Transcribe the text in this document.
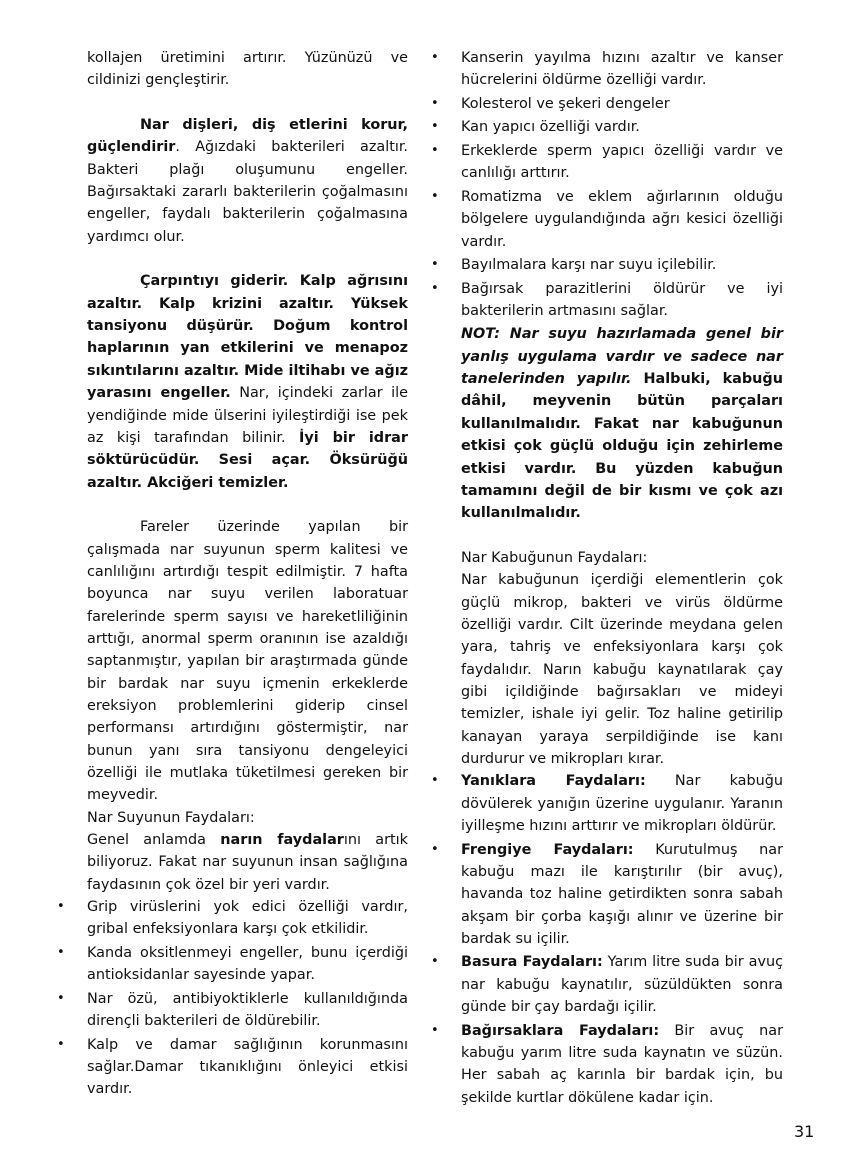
kollajen üretimini artırır. Yüzünüzü ve cildinizi gençleştirir.

Nar dişleri, diş etlerini korur, güçlendirir. Ağızdaki bakterileri azaltır. Bakteri plağı oluşumunu engeller. Bağırsaktaki zararlı bakterilerin çoğalmasını engeller, faydalı bakterilerin çoğalmasına yardımcı olur.

Çarpıntıyı giderir. Kalp ağrısını azaltır. Kalp krizini azaltır. Yüksek tansiyonu düşürür. Doğum kontrol haplarının yan etkilerini ve menapoz sıkıntılarını azaltır. Mide iltihabı ve ağız yarasını engeller. Nar, içindeki zarlar ile yendiğinde mide ülserini iyileştirdiği ise pek az kişi tarafından bilinir. İyi bir idrar söktürücüdür. Sesi açar. Öksürüğü azaltır. Akciğeri temizler.

Fareler üzerinde yapılan bir çalışmada nar suyunun sperm kalitesi ve canlılığını artırdığı tespit edilmiştir. 7 hafta boyunca nar suyu verilen laboratuar farelerinde sperm sayısı ve hareketliliğinin arttığı, anormal sperm oranının ise azaldığı saptanmıştır, yapılan bir araştırmada günde bir bardak nar suyu içmenin erkeklerde ereksiyon problemlerini giderip cinsel performansı artırdığını göstermiştir, nar bunun yanı sıra tansiyonu dengeleyici özelliği ile mutlaka tüketilmesi gereken bir meyvedir.

Nar Suyunun Faydaları:

Genel anlamda narın faydalarını artık biliyoruz. Fakat nar suyunun insan sağlığına faydasının çok özel bir yeri vardır.

• Grip virüslerini yok edici özelliği vardır, gribal enfeksiyonlara karşı çok etkilidir.
• Kanda oksitlenmeyi engeller, bunu içerdiği antioksidanlar sayesinde yapar.
• Nar özü, antibiyoktiklerle kullanıldığında dirençli bakterileri de öldürebilir.
• Kalp ve damar sağlığının korunmasını sağlar.Damar tıkanıklığını önleyici etkisi vardır.
• Kanserin yayılma hızını azaltır ve kanser hücrelerini öldürme özelliği vardır.
• Kolesterol ve şekeri dengeler
• Kan yapıcı özelliği vardır.
• Erkeklerde sperm yapıcı özelliği vardır ve canlılığı arttırır.
• Romatizma ve eklem ağırlarının olduğu bölgelere uygulandığında ağrı kesici özelliği vardır.
• Bayılmalara karşı nar suyu içilebilir.
• Bağırsak parazitlerini öldürür ve iyi bakterilerin artmasını sağlar.

NOT: Nar suyu hazırlamada genel bir yanlış uygulama vardır ve sadece nar tanelerinden yapılır. Halbuki, kabuğu dâhil, meyvenin bütün parçaları kullanılmalıdır. Fakat nar kabuğunun etkisi çok güçlü olduğu için zehirleme etkisi vardır. Bu yüzden kabuğun tamamını değil de bir kısmı ve çok azı kullanılmalıdır.

Nar Kabuğunun Faydaları:

Nar kabuğunun içerdiği elementlerin çok güçlü mikrop, bakteri ve virüs öldürme özelliği vardır. Cilt üzerinde meydana gelen yara, tahriş ve enfeksiyonlara karşı çok faydalıdır. Narın kabuğu kaynatılarak çay gibi içildiğinde bağırsakları ve mideyi temizler, ishale iyi gelir. Toz haline getirilip kanayan yaraya serpildiğinde ise kanı durdurur ve mikropları kırar.

• Yanıklara Faydaları: Nar kabuğu dövülerek yanığın üzerine uygulanır. Yaranın iyilleşme hızını arttırır ve mikropları öldürür.
• Frengiye Faydaları: Kurutulmuş nar kabuğu mazı ile karıştırılır (bir avuç), havanda toz haline getirdikten sonra sabah akşam bir çorba kaşığı alınır ve üzerine bir bardak su içilir.
• Basura Faydaları: Yarım litre suda bir avuç nar kabuğu kaynatılır, süzüldükten sonra günde bir çay bardağı içilir.
• Bağırsaklara Faydaları: Bir avuç nar kabuğu yarım litre suda kaynatın ve süzün. Her sabah aç karınla bir bardak için, bu şekilde kurtlar dökülene kadar için.
31
